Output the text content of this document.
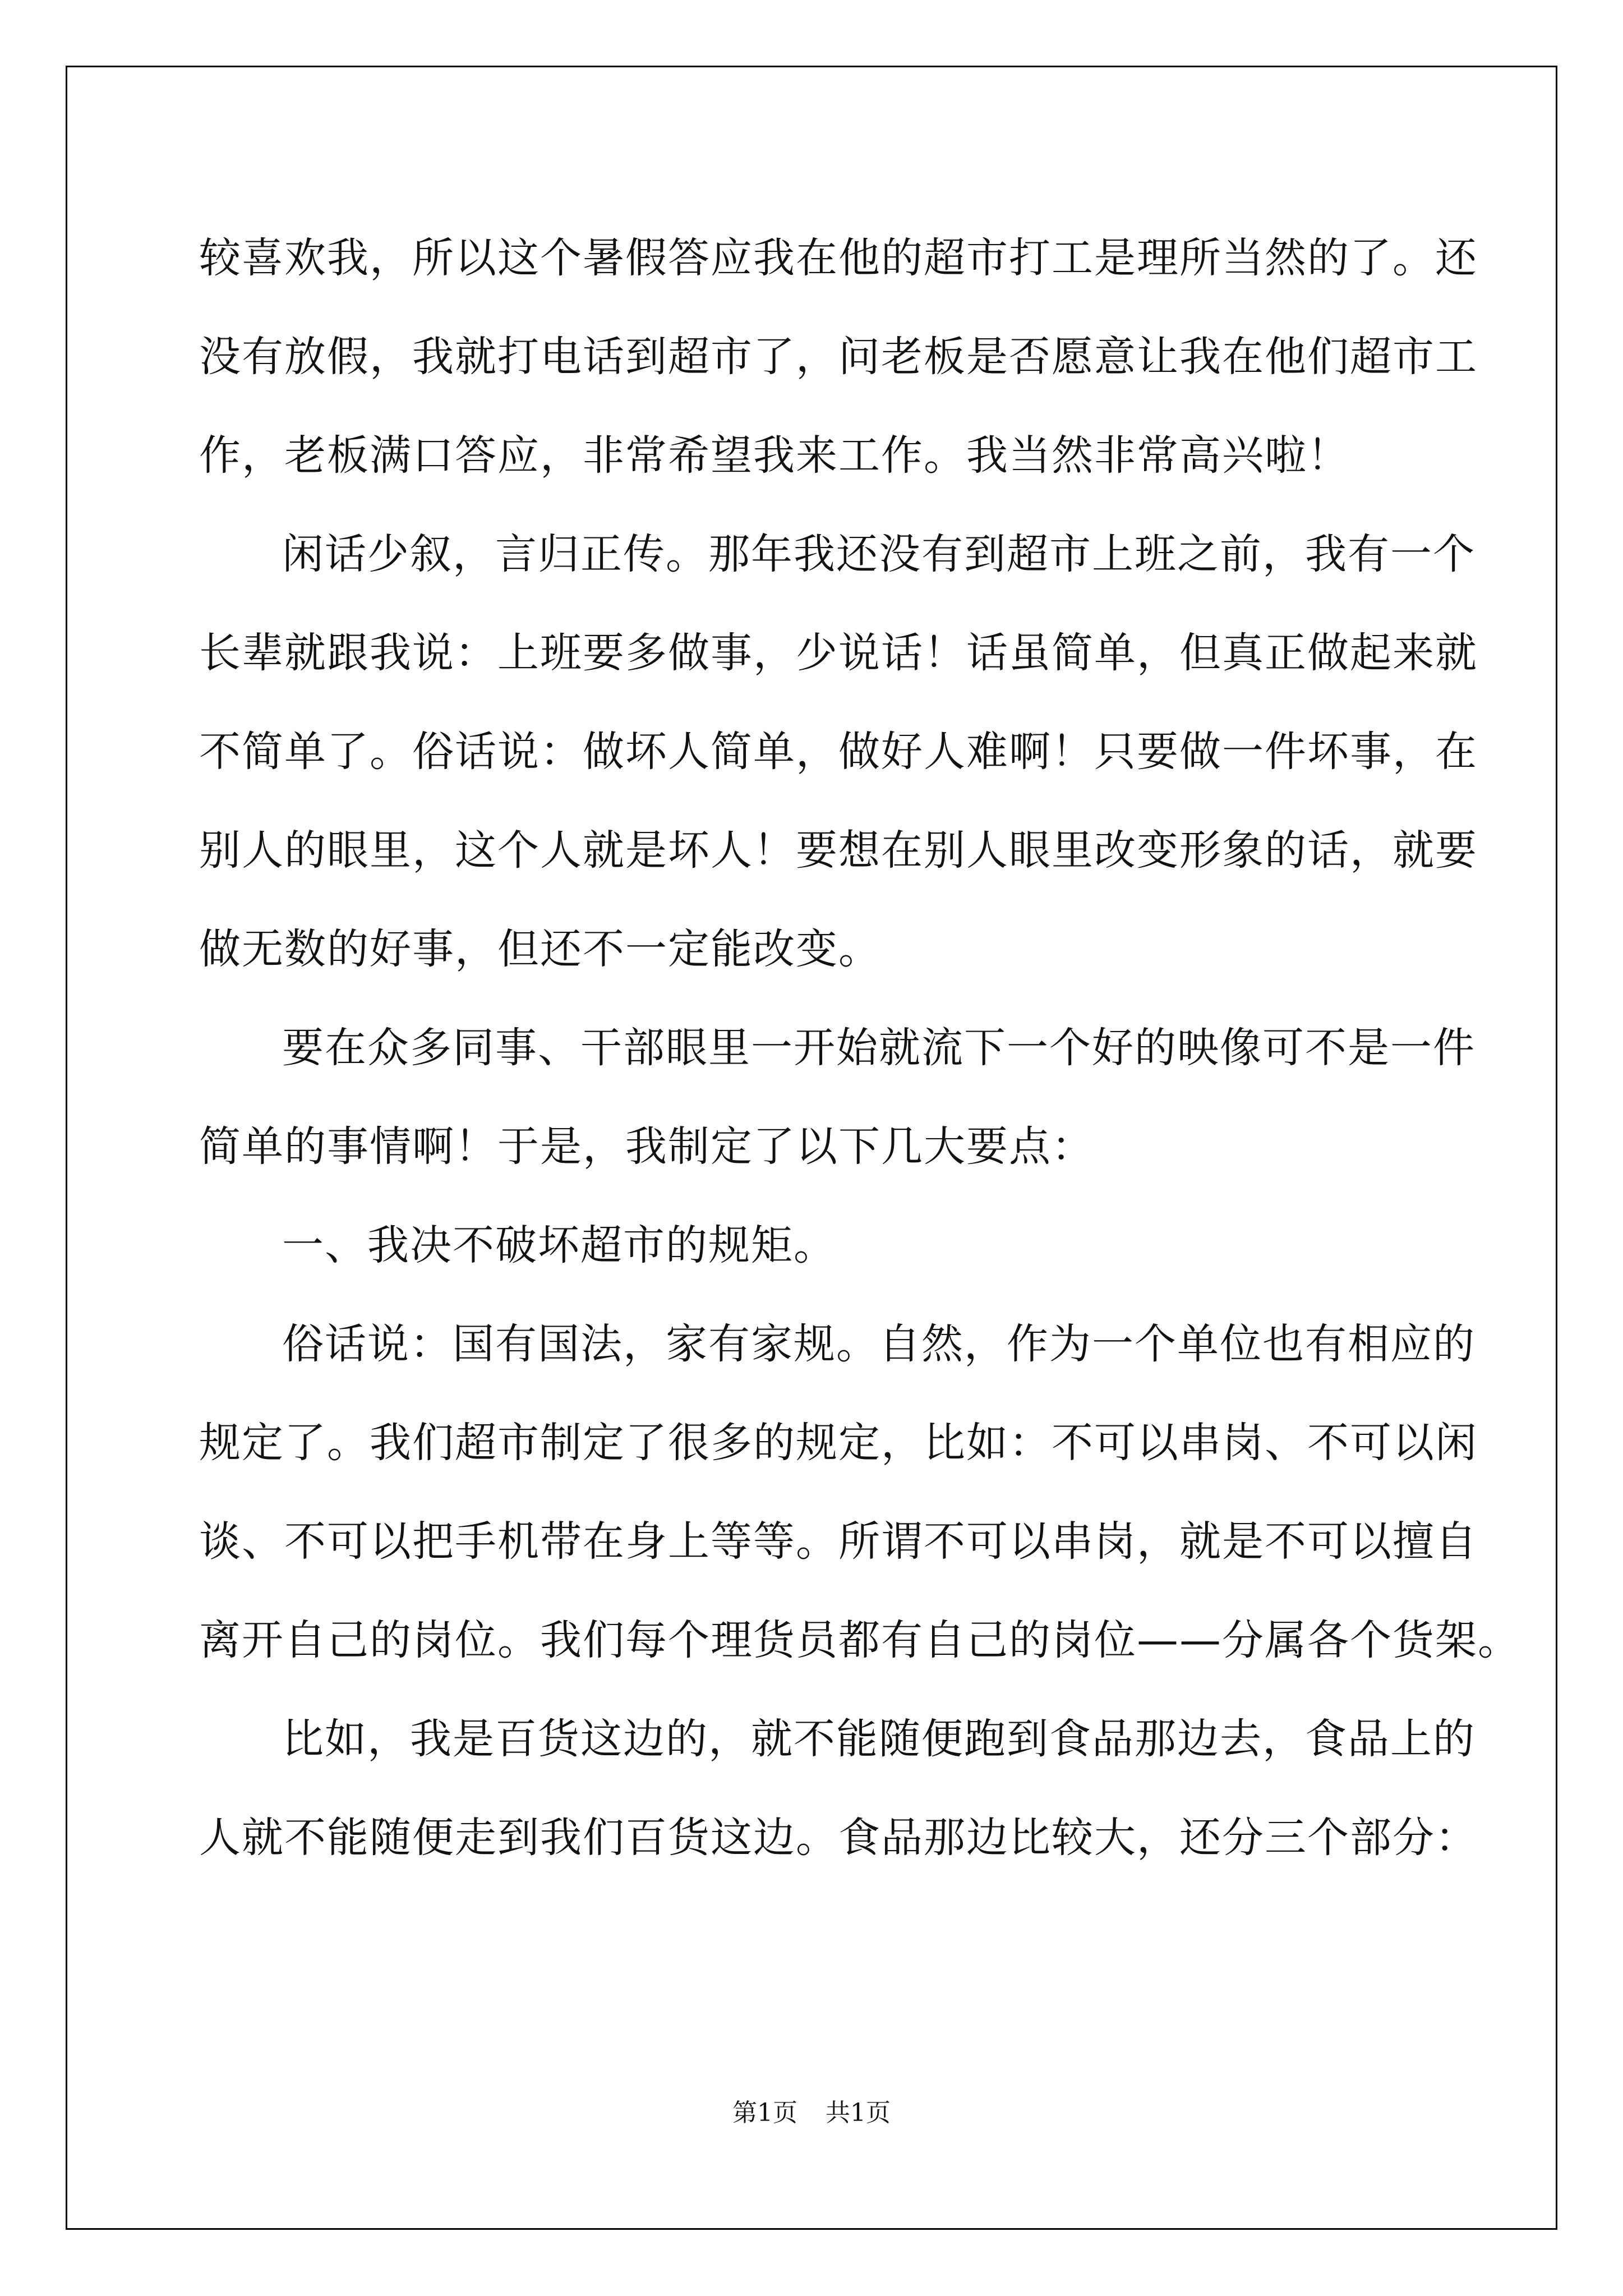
较喜欢我，所以这个暑假答应我在他的超市打工是理所当然的了。还
没有放假，我就打电话到超市了，问老板是否愿意让我在他们超市工
作，老板满口答应，非常希望我来工作。我当然非常高兴啦！
闲话少叙，言归正传。那年我还没有到超市上班之前，我有一个
长辈就跟我说：上班要多做事，少说话！话虽简单，但真正做起来就
不简单了。俗话说：做坏人简单，做好人难啊！只要做一件坏事，在
别人的眼里，这个人就是坏人！要想在别人眼里改变形象的话，就要
做无数的好事，但还不一定能改变。
要在众多同事、干部眼里一开始就流下一个好的映像可不是一件
简单的事情啊！于是，我制定了以下几大要点：
一、我决不破坏超市的规矩。
俗话说：国有国法，家有家规。自然，作为一个单位也有相应的
规定了。我们超市制定了很多的规定，比如：不可以串岗、不可以闲
谈、不可以把手机带在身上等等。所谓不可以串岗，就是不可以擅自
离开自己的岗位。我们每个理货员都有自己的岗位——分属各个货架。
比如，我是百货这边的，就不能随便跑到食品那边去，食品上的
人就不能随便走到我们百货这边。食品那边比较大，还分三个部分：
第1页 共1页
